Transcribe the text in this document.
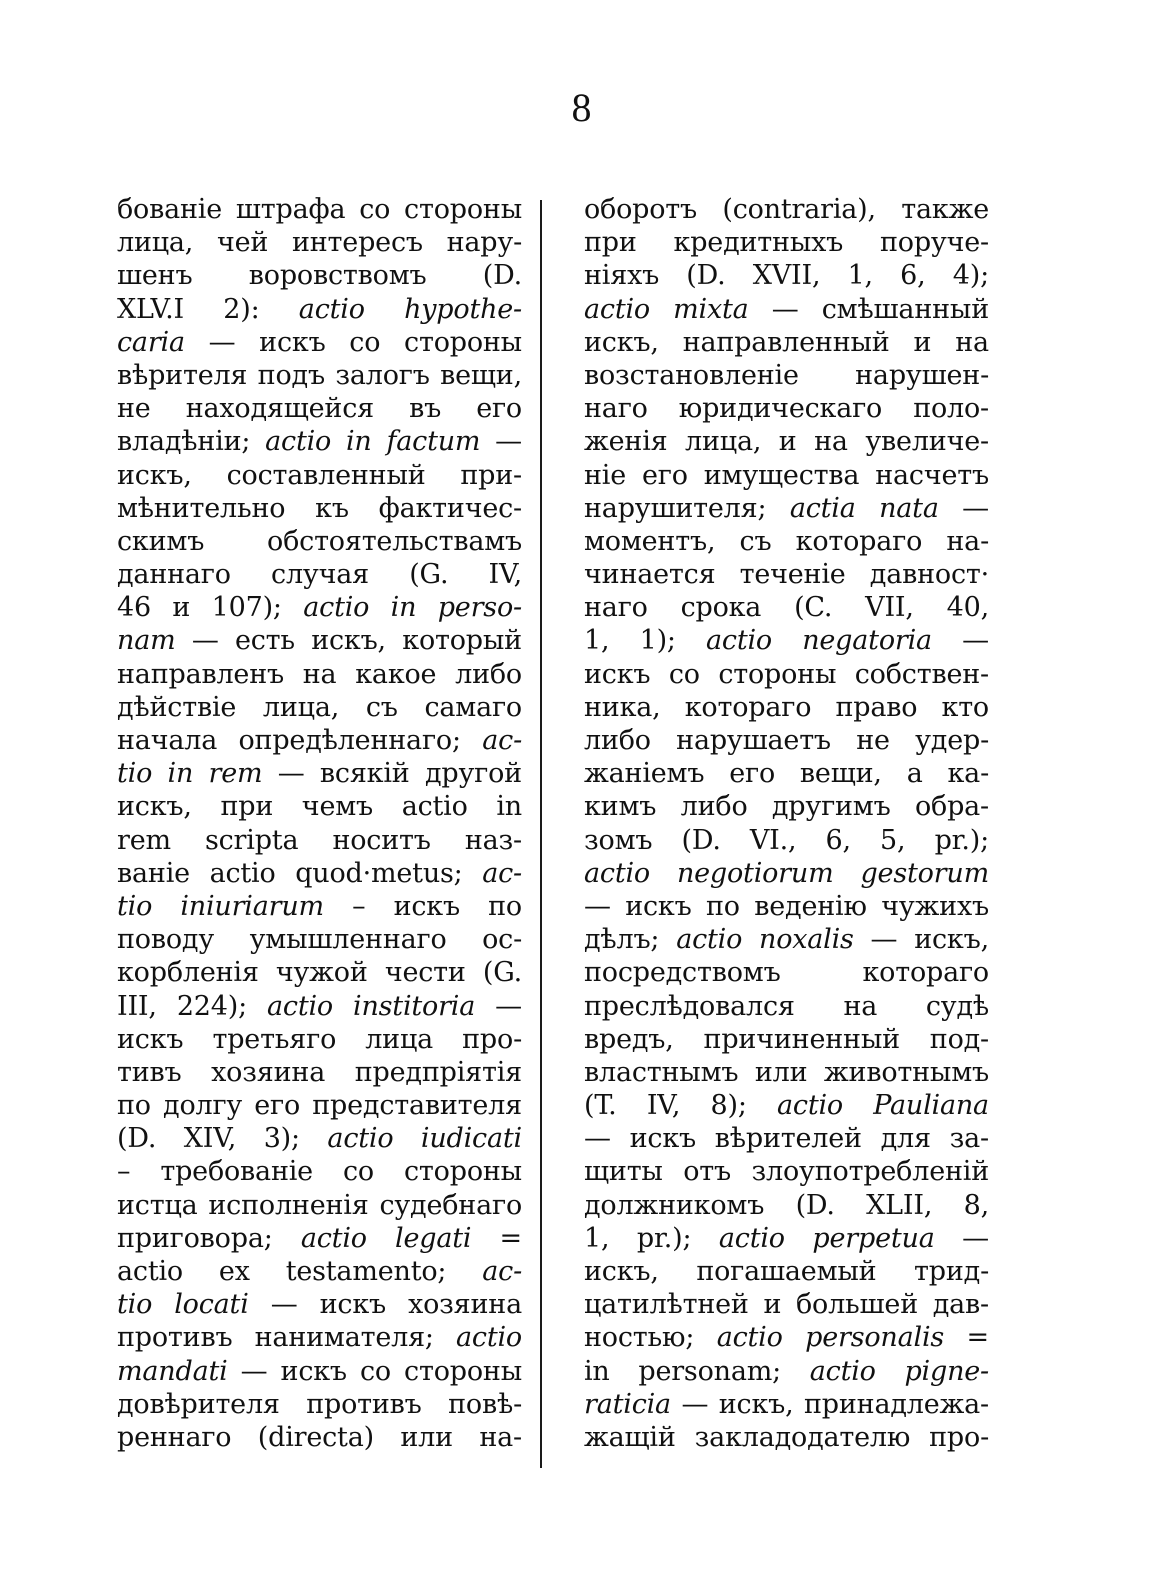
8
бованіе штрафа со стороны
лица, чей интересъ нару-
шенъ воровствомъ (D.
XLV.I 2): actio hypothe-
caria — искъ со стороны
вѣрителя подъ залогъ вещи,
не находящейся въ его
владѣніи; actio in factum —
искъ, составленный при-
мѣнительно къ фактичес-
скимъ обстоятельствамъ
даннаго случая (G. IV,
46 и 107); actio in perso-
nam — есть искъ, который
направленъ на какое либо
дѣйствіе лица, съ самаго
начала опредѣленнаго; ac-
tio in rem — всякій другой
искъ, при чемъ actio in
rem scripta носитъ наз-
ваніе actio quod·metus; ac-
tio iniuriarum – искъ по
поводу умышленнаго ос-
корбленія чужой чести (G.
III, 224); actio institoria —
искъ третьяго лица про-
тивъ хозяина предпріятія
по долгу его представителя
(D. XIV, 3); actio iudicati
– требованіе со стороны
истца исполненія судебнаго
приговора; actio legati =
actio ex testamento; ac-
tio locati — искъ хозяина
противъ нанимателя; actio
mandati — искъ со стороны
довѣрителя противъ повѣ-
реннаго (directa) или на-
оборотъ (contraria), также
при кредитныхъ поруче-
ніяхъ (D. XVII, 1, 6, 4);
actio mixta — смѣшанный
искъ, направленный и на
возстановленіе нарушен-
наго юридическаго поло-
женія лица, и на увеличе-
ніе его имущества насчетъ
нарушителя; actia nata —
моментъ, съ котораго на-
чинается теченіе давност·
наго срока (C. VII, 40,
1, 1); actio negatoria —
искъ со стороны собствен-
ника, котораго право кто
либо нарушаетъ не удер-
жаніемъ его вещи, а ка-
кимъ либо другимъ обра-
зомъ (D. VI., 6, 5, pr.);
actio negotiorum gestorum
— искъ по веденію чужихъ
дѣлъ; actio noxalis — искъ,
посредствомъ	котораго
преслѣдовался на судѣ
вредъ, причиненный под-
властнымъ или животнымъ
(T. IV, 8); actio Pauliana
— искъ вѣрителей для за-
щиты отъ злоупотребленій
должникомъ (D. XLII, 8,
1, pr.); actio perpetua —
искъ, погашаемый трид-
цатилѣтней и большей дав-
ностью; actio personalis =
in personam; actio pigne-
raticia — искъ, принадлежа-
жащій закладодателю про-
